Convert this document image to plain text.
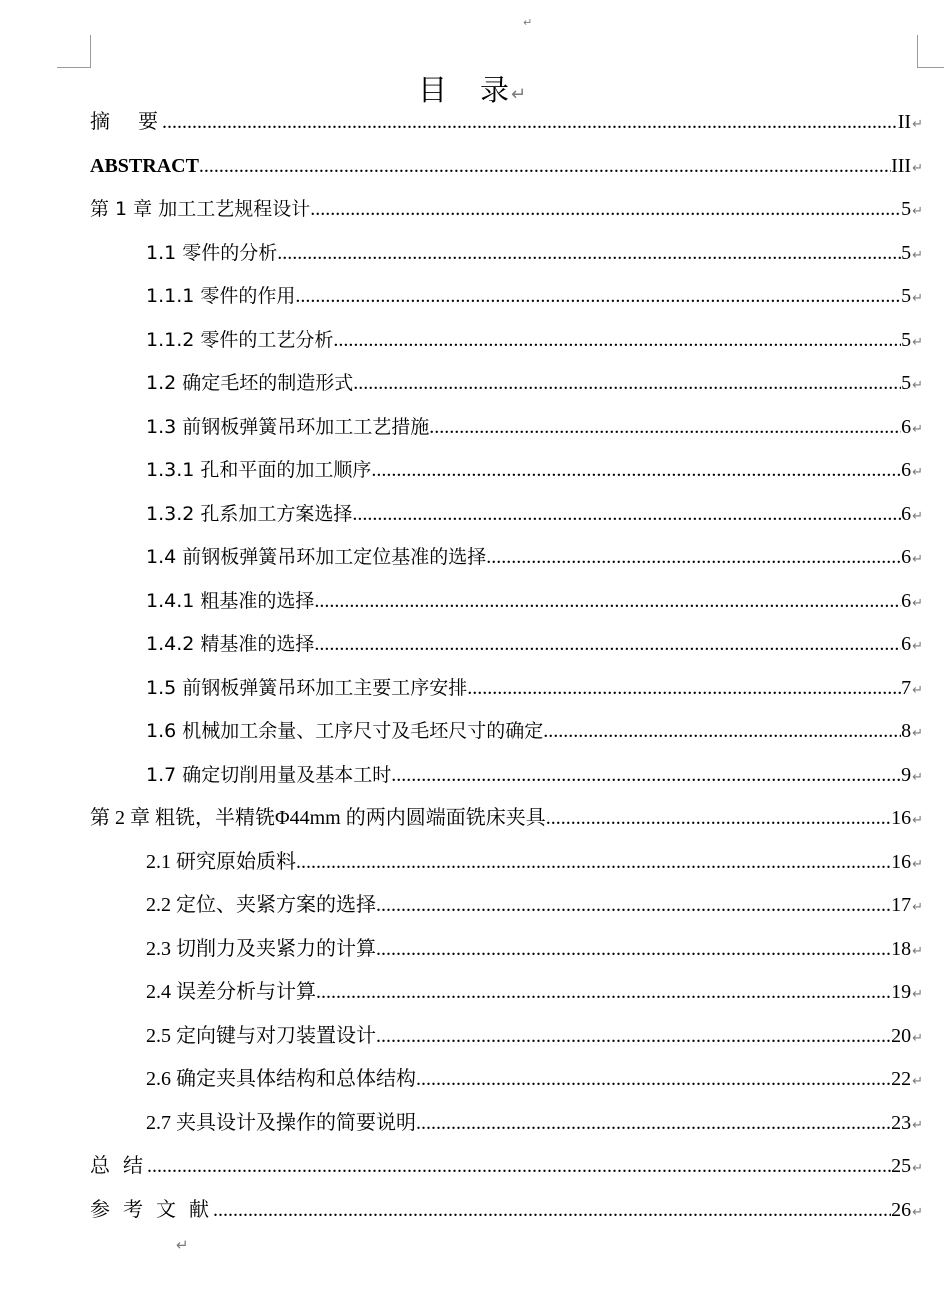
↵
目　录↵
摘　要 .....	II ↵
ABSTRACT .....	III ↵
第 1 章 加工工艺规程设计 .....	5 ↵
1.1 零件的分析 .....	5 ↵
1.1.1 零件的作用 .....	5 ↵
1.1.2 零件的工艺分析 .....	5 ↵
1.2 确定毛坯的制造形式 .....	5 ↵
1.3 前钢板弹簧吊环加工工艺措施 .....	6 ↵
1.3.1 孔和平面的加工顺序 .....	6 ↵
1.3.2 孔系加工方案选择 .....	6 ↵
1.4 前钢板弹簧吊环加工定位基准的选择 .....	6 ↵
1.4.1 粗基准的选择 .....	6 ↵
1.4.2 精基准的选择 .....	6 ↵
1.5 前钢板弹簧吊环加工主要工序安排 .....	7 ↵
1.6 机械加工余量、工序尺寸及毛坯尺寸的确定 .....	8 ↵
1.7 确定切削用量及基本工时 .....	9 ↵
第 2 章 粗铣，半精铣Φ44mm 的两内圆端面铣床夹具 .....	16 ↵
2.1 研究原始质料 .....	16 ↵
2.2 定位、夹紧方案的选择 .....	17 ↵
2.3 切削力及夹紧力的计算 .....	18 ↵
2.4 误差分析与计算 .....	19 ↵
2.5 定向键与对刀装置设计 .....	20 ↵
2.6 确定夹具体结构和总体结构 .....	22 ↵
2.7 夹具设计及操作的简要说明 .....	23 ↵
总 结 .....	25 ↵
参 考 文 献 .....	26 ↵
↵
